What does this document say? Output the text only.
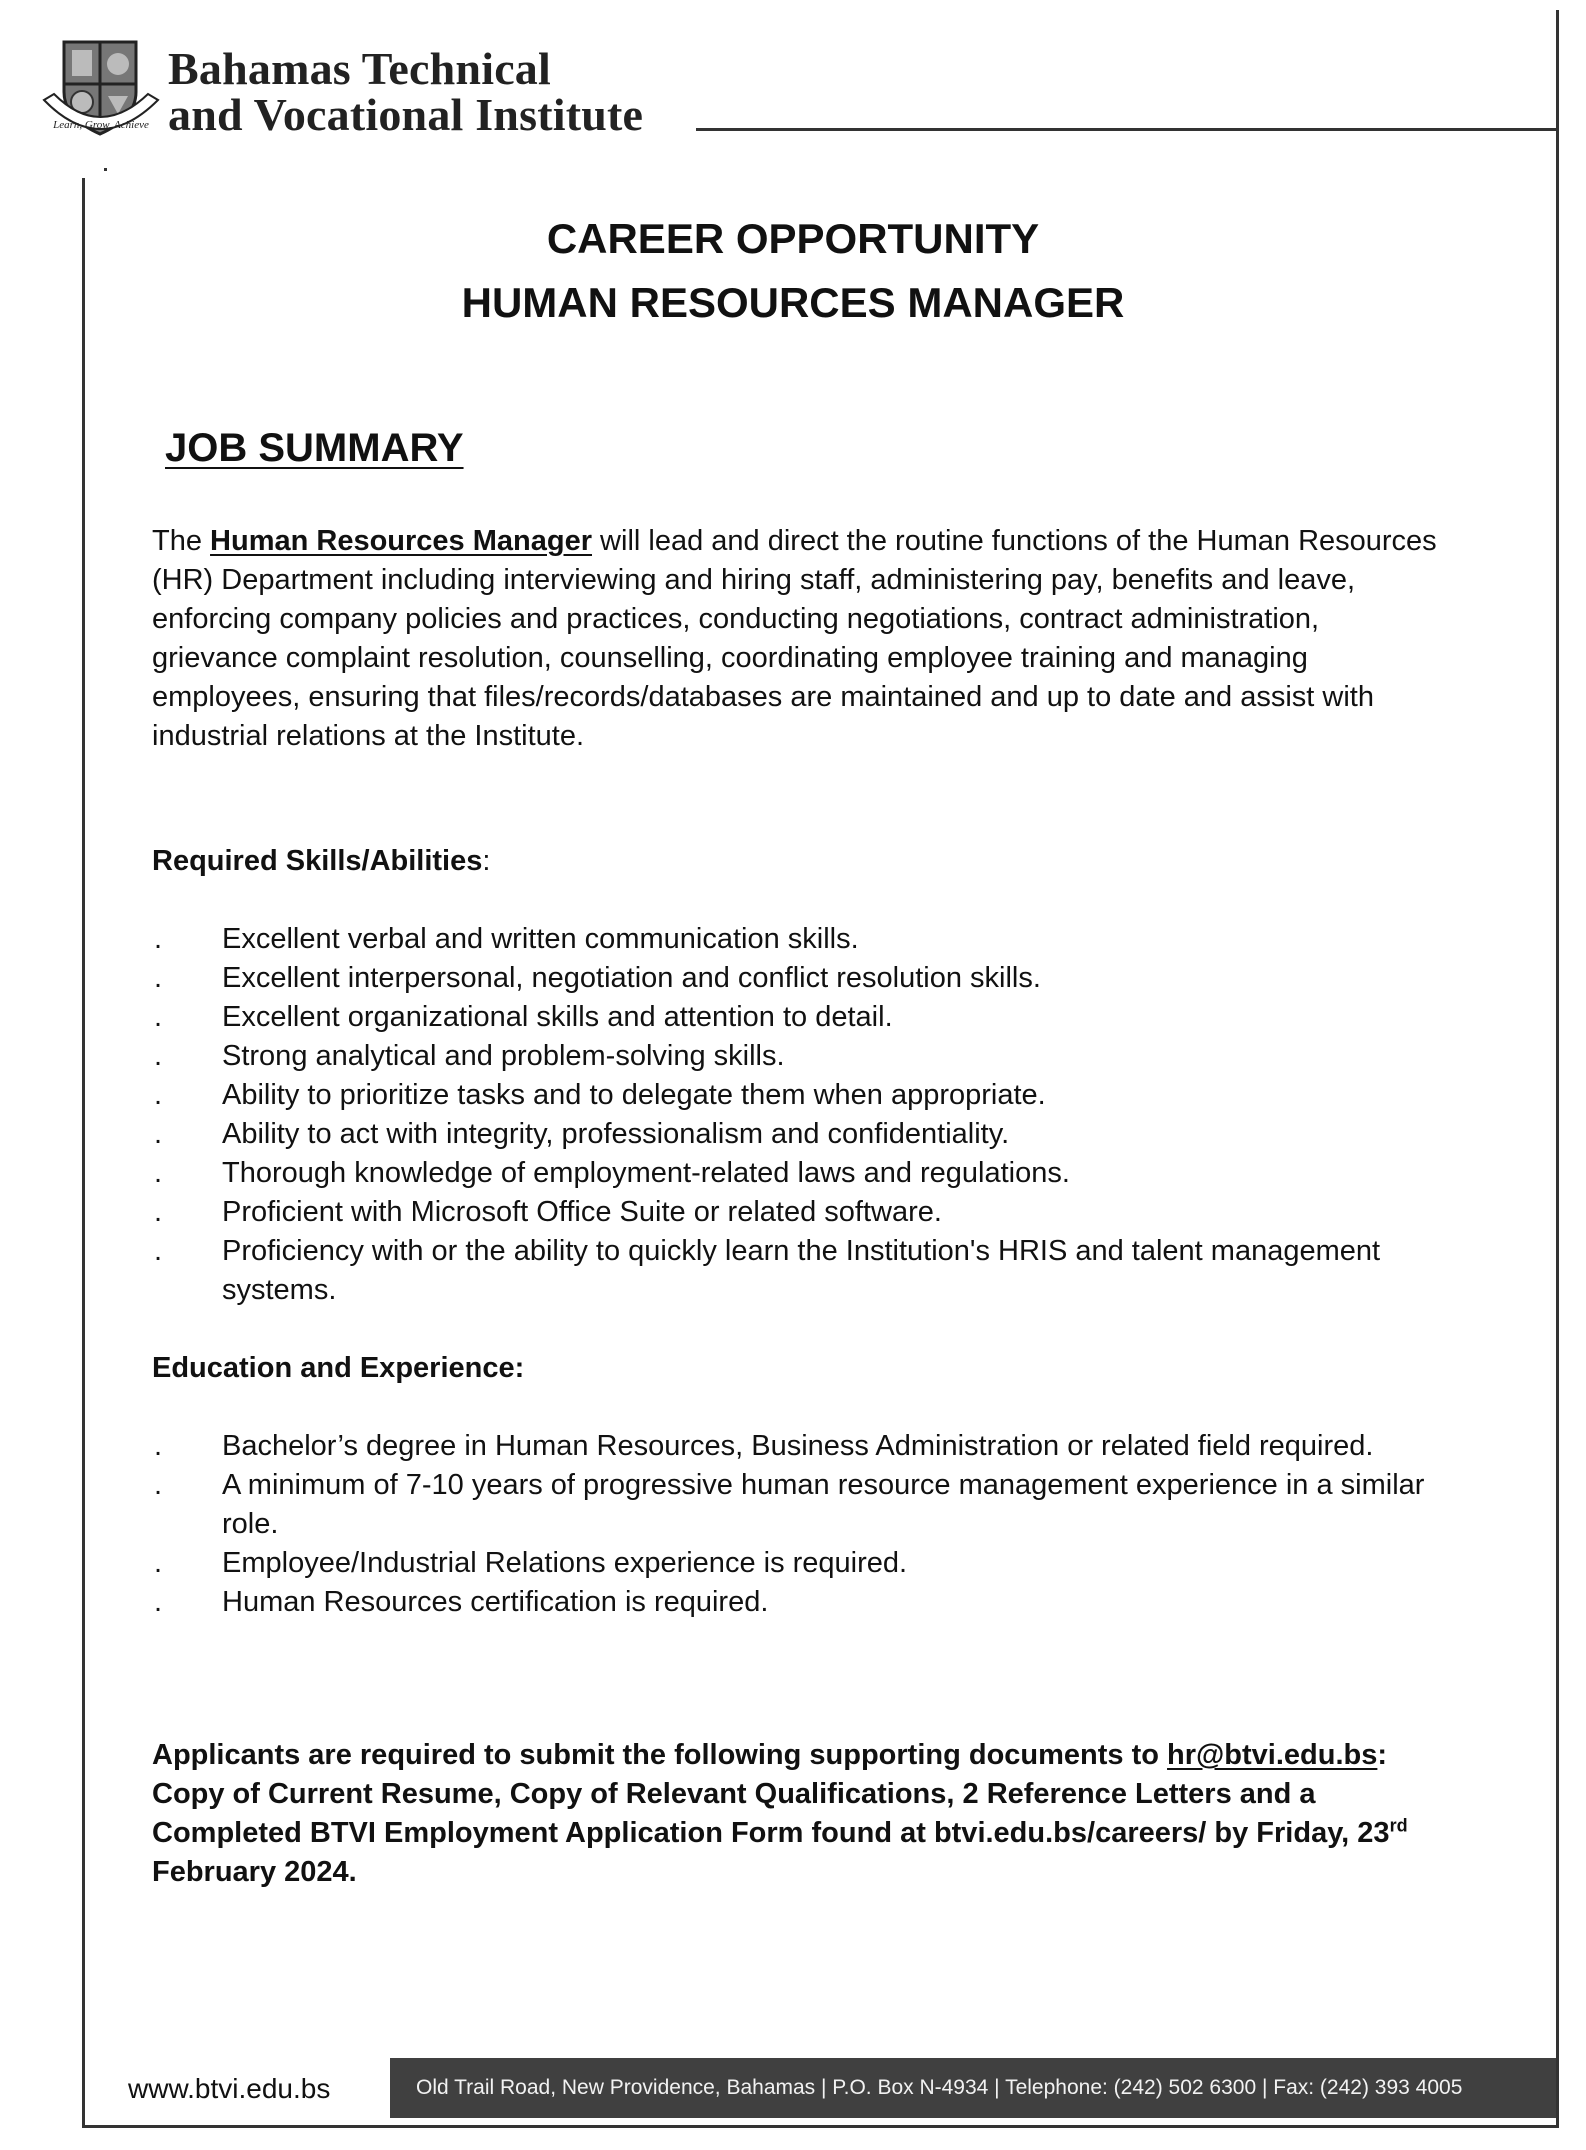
Learn, Grow, Achieve
Bahamas Technical
and Vocational Institute
CAREER OPPORTUNITY
HUMAN RESOURCES MANAGER
JOB SUMMARY
The Human Resources Manager will lead and direct the routine functions of the Human Resources (HR) Department including interviewing and hiring staff, administering pay, benefits and leave, enforcing company policies and practices, conducting negotiations, contract administration, grievance complaint resolution, counselling, coordinating employee training and managing employees, ensuring that files/records/databases are maintained and up to date and assist with industrial relations at the Institute.
Required Skills/Abilities:
. Excellent verbal and written communication skills.
. Excellent interpersonal, negotiation and conflict resolution skills.
. Excellent organizational skills and attention to detail.
. Strong analytical and problem-solving skills.
. Ability to prioritize tasks and to delegate them when appropriate.
. Ability to act with integrity, professionalism and confidentiality.
. Thorough knowledge of employment-related laws and regulations.
. Proficient with Microsoft Office Suite or related software.
. Proficiency with or the ability to quickly learn the Institution's HRIS and talent management systems.
Education and Experience:
. Bachelor’s degree in Human Resources, Business Administration or related field required.
. A minimum of 7-10 years of progressive human resource management experience in a similar role.
. Employee/Industrial Relations experience is required.
. Human Resources certification is required.
Applicants are required to submit the following supporting documents to hr@btvi.edu.bs: Copy of Current Resume, Copy of Relevant Qualifications, 2 Reference Letters and a Completed BTVI Employment Application Form found at btvi.edu.bs/careers/ by Friday, 23rd February 2024.
www.btvi.edu.bs	Old Trail Road, New Providence, Bahamas | P.O. Box N-4934 | Telephone: (242) 502 6300 | Fax: (242) 393 4005
